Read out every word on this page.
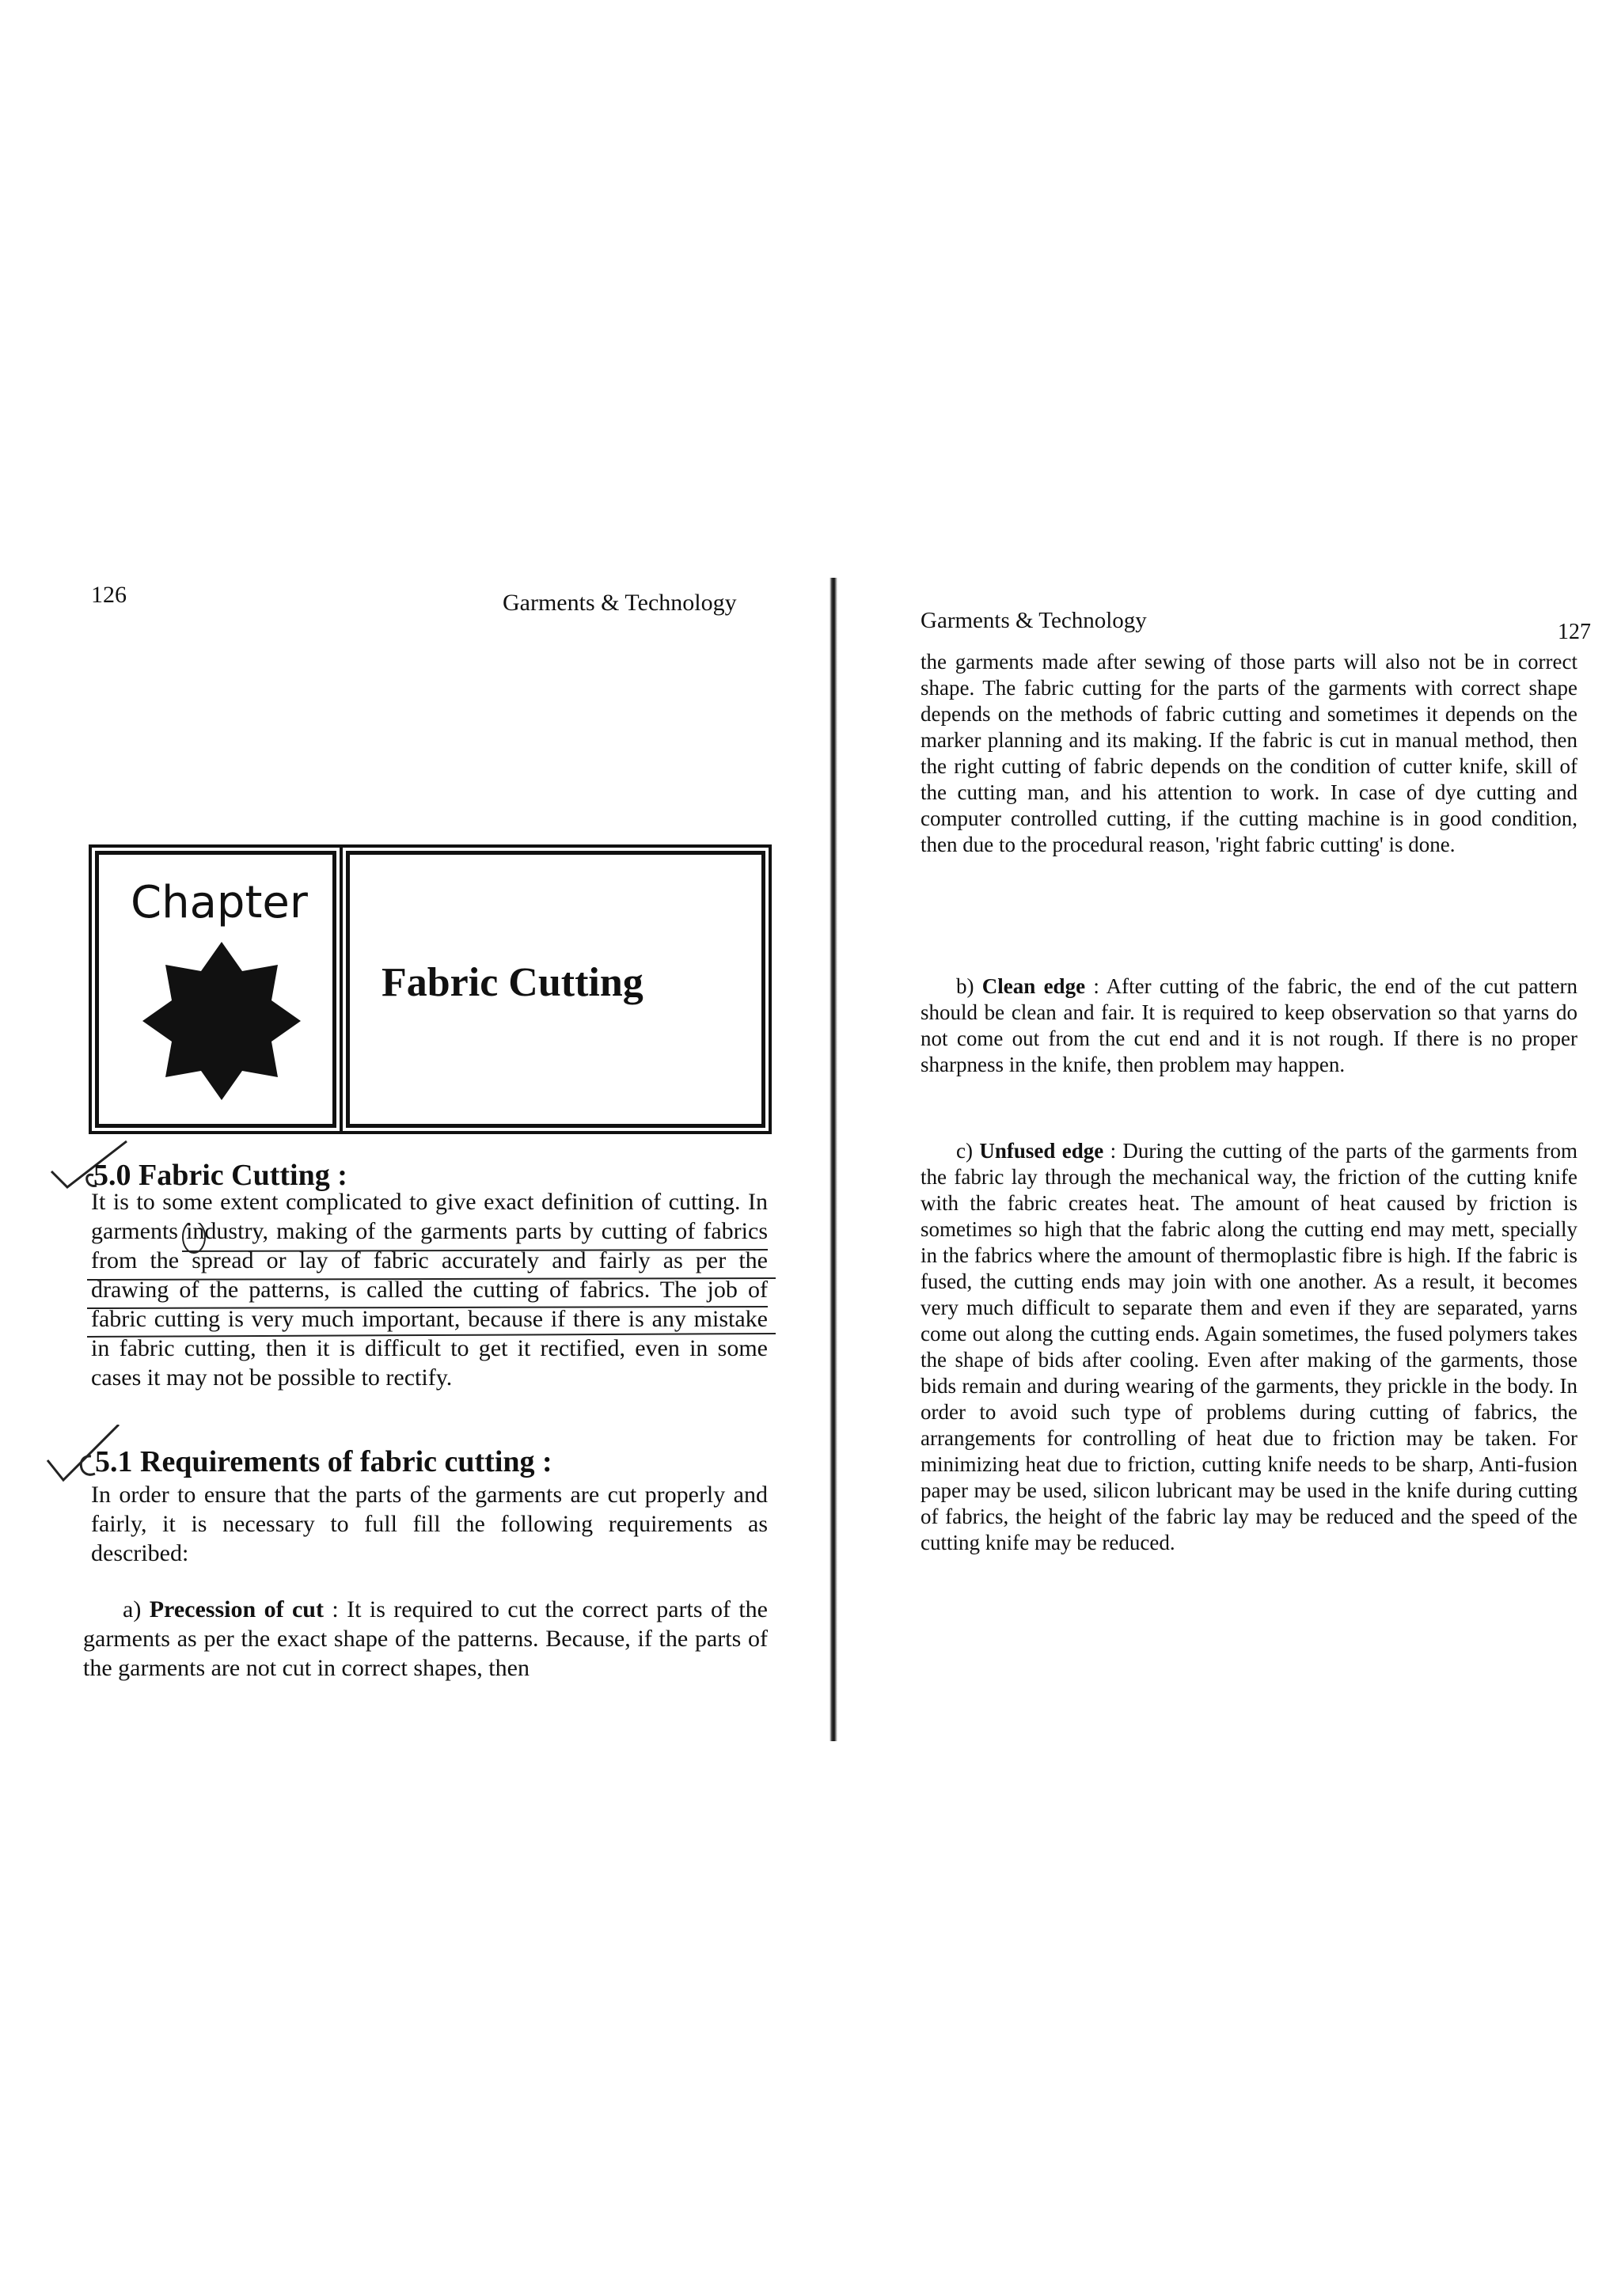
126	Garments & Technology
Chapter
Fabric Cutting
5.0 Fabric Cutting :

It is to some extent complicated to give exact definition of cutting. In garments industry, making of the garments parts by cutting of fabrics from the spread or lay of fabric accurately and fairly as per the drawing of the patterns, is called the cutting of fabrics. The job of fabric cutting is very much important, because if there is any mistake in fabric cutting, then it is difficult to get it rectified, even in some cases it may not be possible to rectify.

5.1 Requirements of fabric cutting :

In order to ensure that the parts of the garments are cut properly and fairly, it is necessary to full fill the following requirements as described:

a) Precession of cut : It is required to cut the correct parts of the garments as per the exact shape of the patterns. Because, if the parts of the garments are not cut in correct shapes, then

Garments & Technology	127

the garments made after sewing of those parts will also not be in correct shape. The fabric cutting for the parts of the garments with correct shape depends on the methods of fabric cutting and sometimes it depends on the marker planning and its making. If the fabric is cut in manual method, then the right cutting of fabric depends on the condition of cutter knife, skill of the cutting man, and his attention to work. In case of dye cutting and computer controlled cutting, if the cutting machine is in good condition, then due to the procedural reason, 'right fabric cutting' is done.

b) Clean edge : After cutting of the fabric, the end of the cut pattern should be clean and fair. It is required to keep observation so that yarns do not come out from the cut end and it is not rough. If there is no proper sharpness in the knife, then problem may happen.

c) Unfused edge : During the cutting of the parts of the garments from the fabric lay through the mechanical way, the friction of the cutting knife with the fabric creates heat. The amount of heat caused by friction is sometimes so high that the fabric along the cutting end may mett, specially in the fabrics where the amount of thermoplastic fibre is high. If the fabric is fused, the cutting ends may join with one another. As a result, it becomes very much difficult to separate them and even if they are separated, yarns come out along the cutting ends. Again sometimes, the fused polymers takes the shape of bids after cooling. Even after making of the garments, those bids remain and during wearing of the garments, they prickle in the body. In order to avoid such type of problems during cutting of fabrics, the arrangements for controlling of heat due to friction may be taken. For minimizing heat due to friction, cutting knife needs to be sharp, Anti-fusion paper may be used, silicon lubricant may be used in the knife during cutting of fabrics, the height of the fabric lay may be reduced and the speed of the cutting knife may be reduced.
